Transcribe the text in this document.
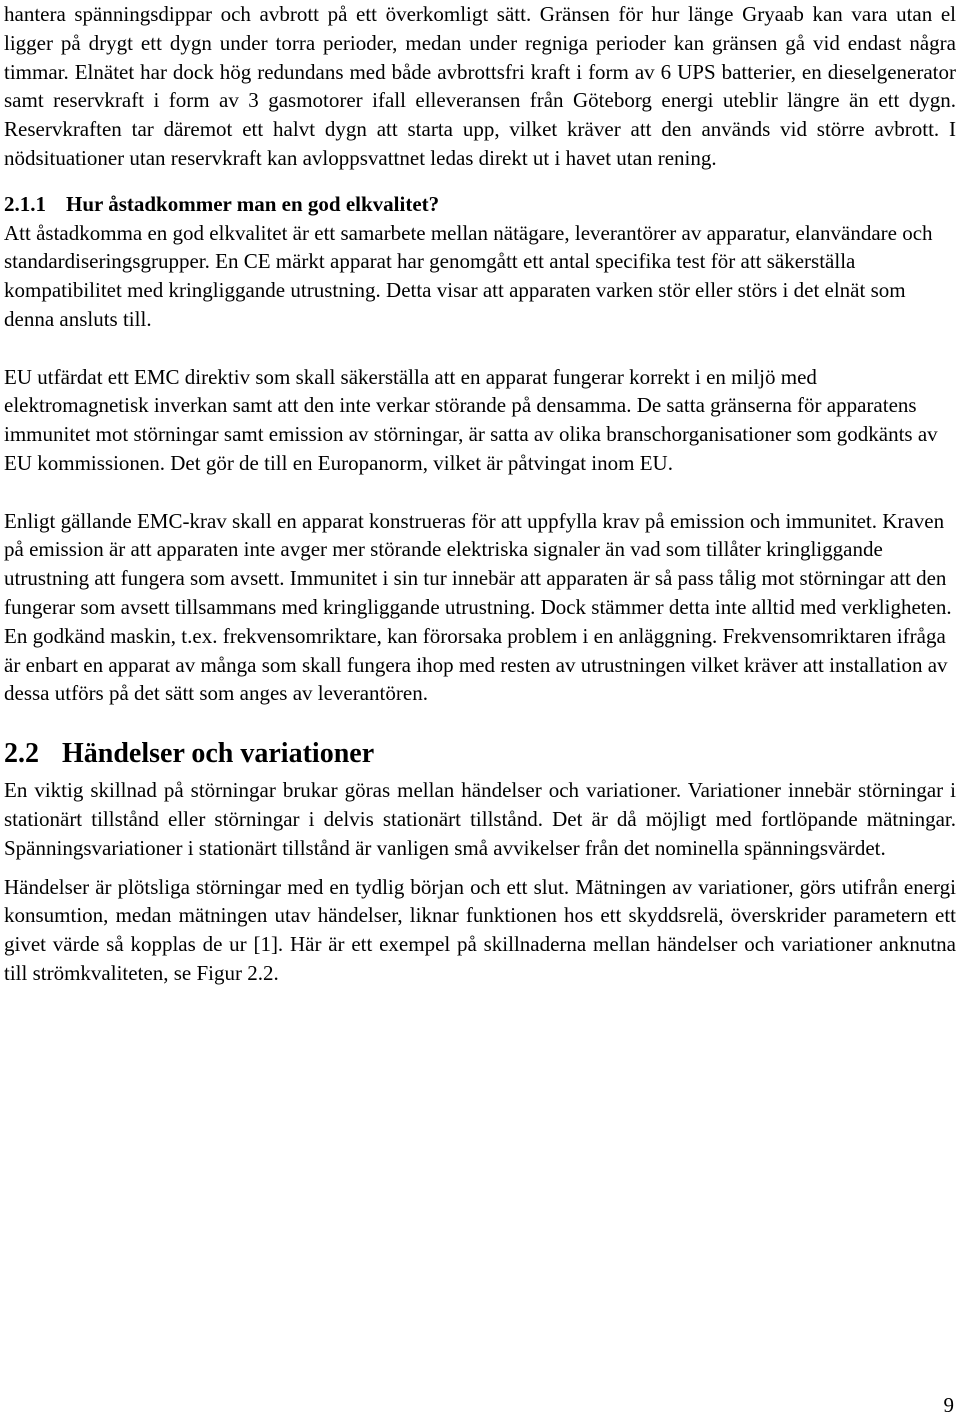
hantera spänningsdippar och avbrott på ett överkomligt sätt. Gränsen för hur länge Gryaab kan vara utan el ligger på drygt ett dygn under torra perioder, medan under regniga perioder kan gränsen gå vid endast några timmar. Elnätet har dock hög redundans med både avbrottsfri kraft i form av 6 UPS batterier, en dieselgenerator samt reservkraft i form av 3 gasmotorer ifall elleveransen från Göteborg energi uteblir längre än ett dygn. Reservkraften tar däremot ett halvt dygn att starta upp, vilket kräver att den används vid större avbrott. I nödsituationer utan reservkraft kan avloppsvattnet ledas direkt ut i havet utan rening.

2.1.1 Hur åstadkommer man en god elkvalitet?

Att åstadkomma en god elkvalitet är ett samarbete mellan nätägare, leverantörer av apparatur, elanvändare och standardiseringsgrupper. En CE märkt apparat har genomgått ett antal specifika test för att säkerställa kompatibilitet med kringliggande utrustning. Detta visar att apparaten varken stör eller störs i det elnät som denna ansluts till.

EU utfärdat ett EMC direktiv som skall säkerställa att en apparat fungerar korrekt i en miljö med elektromagnetisk inverkan samt att den inte verkar störande på densamma. De satta gränserna för apparatens immunitet mot störningar samt emission av störningar, är satta av olika branschorganisationer som godkänts av EU kommissionen. Det gör de till en Europanorm, vilket är påtvingat inom EU.

Enligt gällande EMC-krav skall en apparat konstrueras för att uppfylla krav på emission och immunitet. Kraven på emission är att apparaten inte avger mer störande elektriska signaler än vad som tillåter kringliggande utrustning att fungera som avsett. Immunitet i sin tur innebär att apparaten är så pass tålig mot störningar att den fungerar som avsett tillsammans med kringliggande utrustning. Dock stämmer detta inte alltid med verkligheten. En godkänd maskin, t.ex. frekvensomriktare, kan förorsaka problem i en anläggning. Frekvensomriktaren ifråga är enbart en apparat av många som skall fungera ihop med resten av utrustningen vilket kräver att installation av dessa utförs på det sätt som anges av leverantören.

2.2 Händelser och variationer

En viktig skillnad på störningar brukar göras mellan händelser och variationer. Variationer innebär störningar i stationärt tillstånd eller störningar i delvis stationärt tillstånd. Det är då möjligt med fortlöpande mätningar. Spänningsvariationer i stationärt tillstånd är vanligen små avvikelser från det nominella spänningsvärdet.

Händelser är plötsliga störningar med en tydlig början och ett slut. Mätningen av variationer, görs utifrån energi konsumtion, medan mätningen utav händelser, liknar funktionen hos ett skyddsrelä, överskrider parametern ett givet värde så kopplas de ur [1]. Här är ett exempel på skillnaderna mellan händelser och variationer anknutna till strömkvaliteten, se Figur 2.2.

9
